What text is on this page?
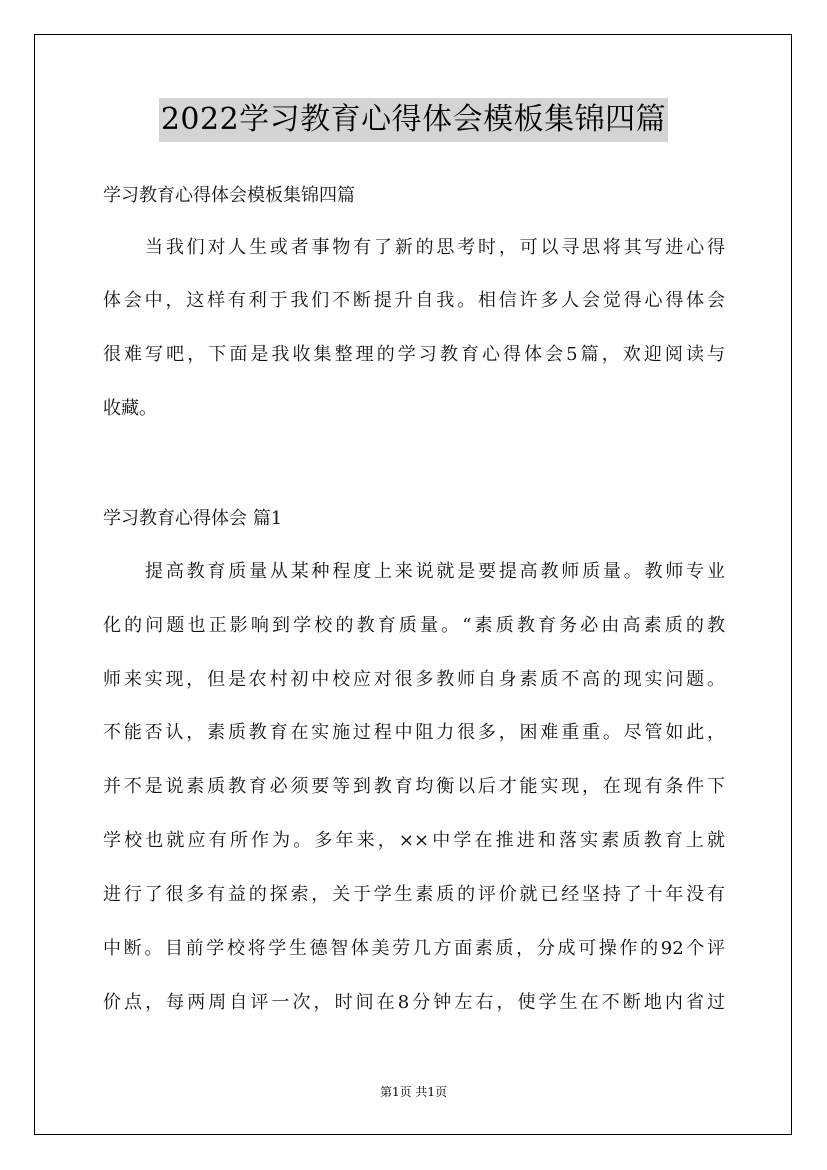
2022学习教育心得体会模板集锦四篇
学习教育心得体会模板集锦四篇
当我们对人生或者事物有了新的思考时，可以寻思将其写进心得
体会中，这样有利于我们不断提升自我。相信许多人会觉得心得体会
很难写吧，下面是我收集整理的学习教育心得体会5篇，欢迎阅读与
收藏。
学习教育心得体会 篇1
提高教育质量从某种程度上来说就是要提高教师质量。教师专业
化的问题也正影响到学校的教育质量。“素质教育务必由高素质的教
师来实现，但是农村初中校应对很多教师自身素质不高的现实问题。
不能否认，素质教育在实施过程中阻力很多，困难重重。尽管如此，
并不是说素质教育必须要等到教育均衡以后才能实现，在现有条件下
学校也就应有所作为。多年来，××中学在推进和落实素质教育上就
进行了很多有益的探索，关于学生素质的评价就已经坚持了十年没有
中断。目前学校将学生德智体美劳几方面素质，分成可操作的92个评
价点，每两周自评一次，时间在8分钟左右，使学生在不断地内省过
第1页 共1页
